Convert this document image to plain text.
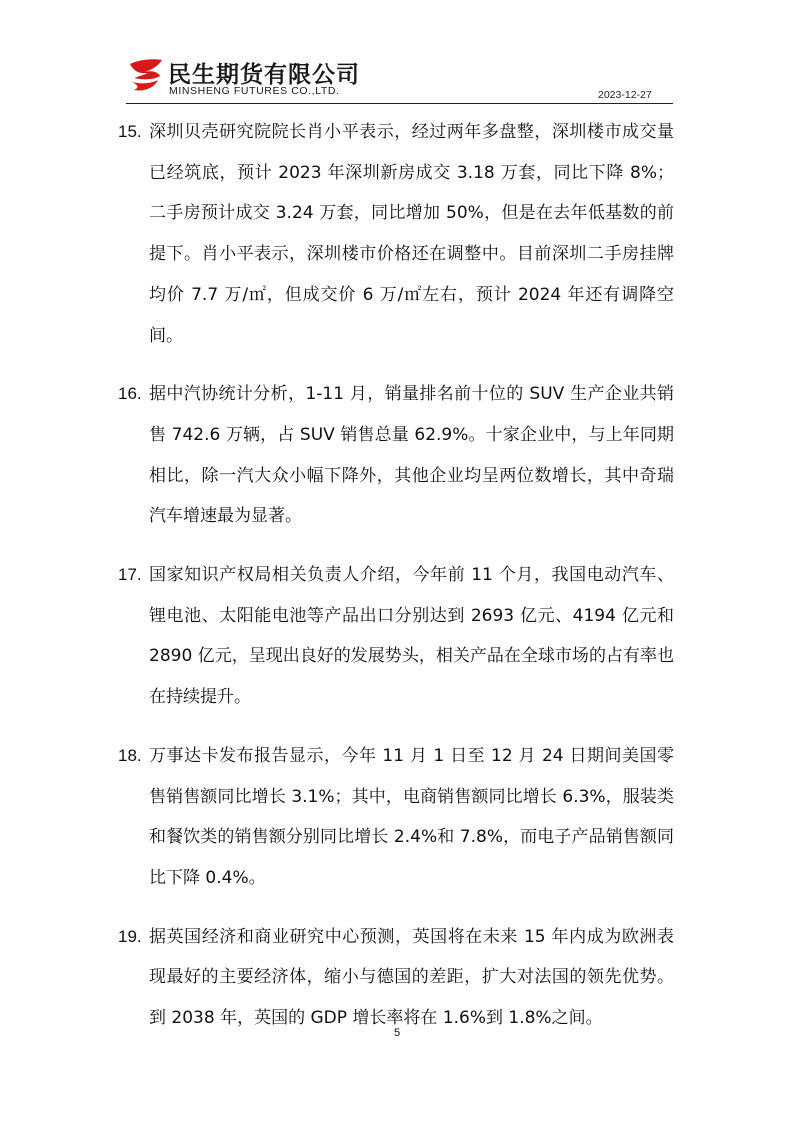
民生期货有限公司
MINSHENG FUTURES CO.,LTD.	2023-12-27
15. 深圳贝壳研究院院长肖小平表示，经过两年多盘整，深圳楼市成交量已经筑底，预计 2023 年深圳新房成交 3.18 万套，同比下降 8%；二手房预计成交 3.24 万套，同比增加 50%，但是在去年低基数的前提下。肖小平表示，深圳楼市价格还在调整中。目前深圳二手房挂牌均价 7.7 万/㎡，但成交价 6 万/㎡左右，预计 2024 年还有调降空间。
16. 据中汽协统计分析，1-11 月，销量排名前十位的 SUV 生产企业共销售 742.6 万辆，占 SUV 销售总量 62.9%。十家企业中，与上年同期相比，除一汽大众小幅下降外，其他企业均呈两位数增长，其中奇瑞汽车增速最为显著。
17. 国家知识产权局相关负责人介绍，今年前 11 个月，我国电动汽车、锂电池、太阳能电池等产品出口分别达到 2693 亿元、4194 亿元和 2890 亿元，呈现出良好的发展势头，相关产品在全球市场的占有率也在持续提升。
18. 万事达卡发布报告显示，今年 11 月 1 日至 12 月 24 日期间美国零售销售额同比增长 3.1%；其中，电商销售额同比增长 6.3%，服装类和餐饮类的销售额分别同比增长 2.4%和 7.8%，而电子产品销售额同比下降 0.4%。
19. 据英国经济和商业研究中心预测，英国将在未来 15 年内成为欧洲表现最好的主要经济体，缩小与德国的差距，扩大对法国的领先优势。到 2038 年，英国的 GDP 增长率将在 1.6%到 1.8%之间。
5
